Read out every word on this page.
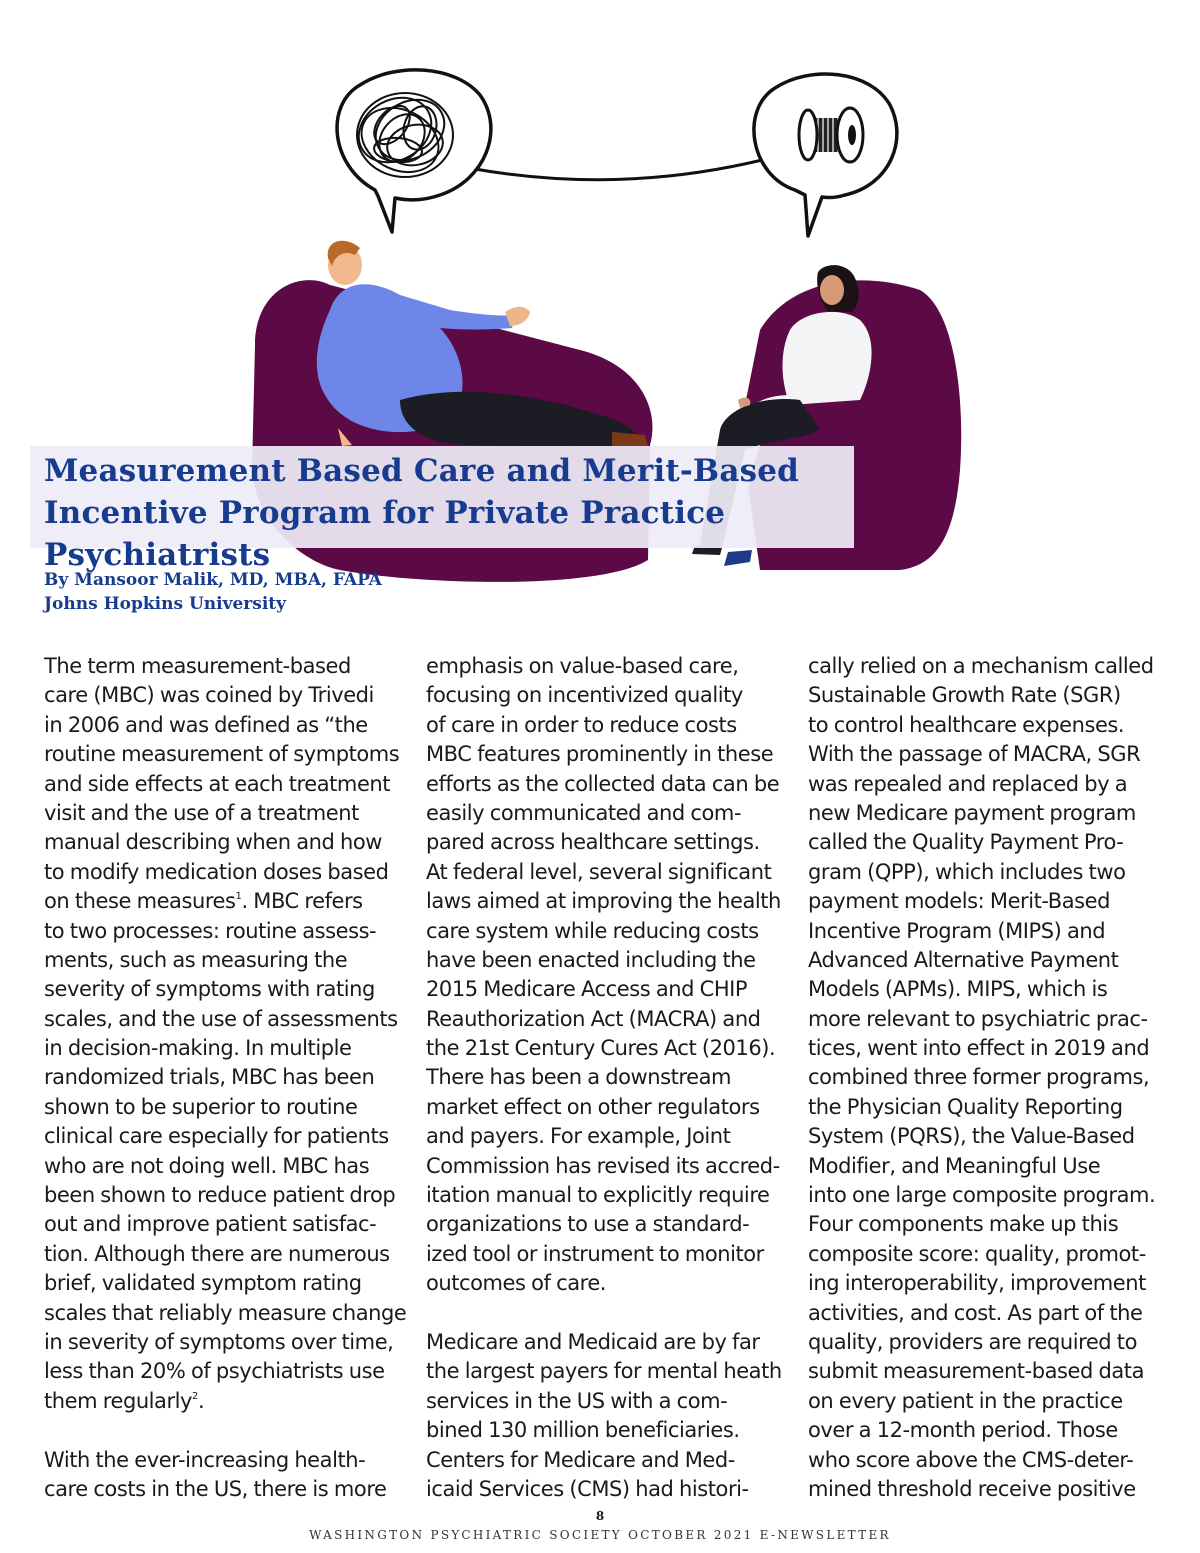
Measurement Based Care and Merit-Based Incentive Program for Private Practice Psychiatrists
By Mansoor Malik, MD, MBA, FAPA
Johns Hopkins University
The term measurement-based
care (MBC) was coined by Trivedi
in 2006 and was defined as “the
routine measurement of symptoms
and side effects at each treatment
visit and the use of a treatment
manual describing when and how
to modify medication doses based
on these measures$^1$. MBC refers
to two processes: routine assess-
ments, such as measuring the
severity of symptoms with rating
scales, and the use of assessments
in decision-making. In multiple
randomized trials, MBC has been
shown to be superior to routine
clinical care especially for patients
who are not doing well. MBC has
been shown to reduce patient drop
out and improve patient satisfac-
tion. Although there are numerous
brief, validated symptom rating
scales that reliably measure change
in severity of symptoms over time,
less than 20% of psychiatrists use
them regularly$^2$.
With the ever-increasing health-
care costs in the US, there is more
emphasis on value-based care,
focusing on incentivized quality
of care in order to reduce costs
MBC features prominently in these
efforts as the collected data can be
easily communicated and com-
pared across healthcare settings.
At federal level, several significant
laws aimed at improving the health
care system while reducing costs
have been enacted including the
2015 Medicare Access and CHIP
Reauthorization Act (MACRA) and
the 21st Century Cures Act (2016).
There has been a downstream
market effect on other regulators
and payers. For example, Joint
Commission has revised its accred-
itation manual to explicitly require
organizations to use a standard-
ized tool or instrument to monitor
outcomes of care.
Medicare and Medicaid are by far
the largest payers for mental heath
services in the US with a com-
bined 130 million beneficiaries.
Centers for Medicare and Med-
icaid Services (CMS) had histori-
cally relied on a mechanism called
Sustainable Growth Rate (SGR)
to control healthcare expenses.
With the passage of MACRA, SGR
was repealed and replaced by a
new Medicare payment program
called the Quality Payment Pro-
gram (QPP), which includes two
payment models: Merit-Based
Incentive Program (MIPS) and
Advanced Alternative Payment
Models (APMs). MIPS, which is
more relevant to psychiatric prac-
tices, went into effect in 2019 and
combined three former programs,
the Physician Quality Reporting
System (PQRS), the Value-Based
Modifier, and Meaningful Use
into one large composite program.
Four components make up this
composite score: quality, promot-
ing interoperability, improvement
activities, and cost. As part of the
quality, providers are required to
submit measurement-based data
on every patient in the practice
over a 12-month period. Those
who score above the CMS-deter-
mined threshold receive positive
8
WASHINGTON PSYCHIATRIC SOCIETY OCTOBER 2021 E-NEWSLETTER
